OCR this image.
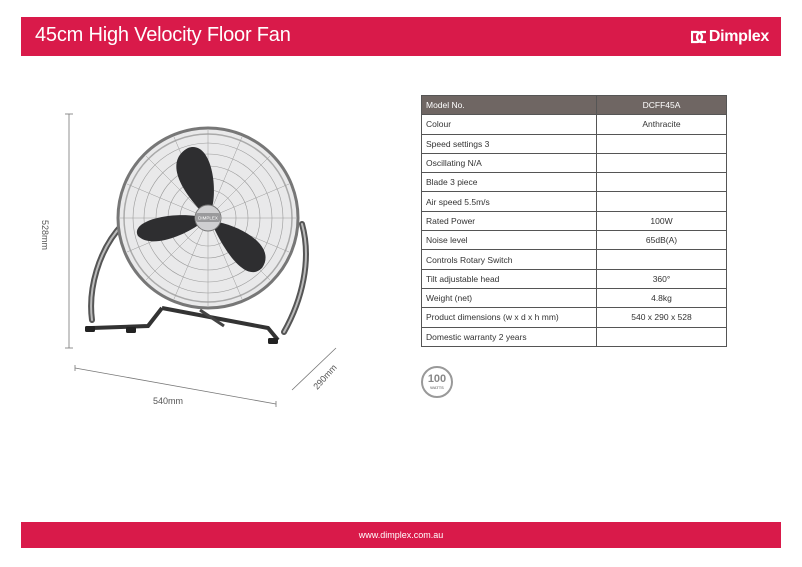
45cm High Velocity Floor Fan	Dimplex
DIMPLEX
528mm
540mm
290mm
Model No.	DCFF45A
Colour	Anthracite
Speed settings 3	
Oscillating N/A	
Blade 3 piece	
Air speed 5.5m/s	
Rated Power	100W
Noise level	65dB(A)
Controls Rotary Switch	
Tilt adjustable head	360°
Weight (net)	4.8kg
Product dimensions (w x d x h mm)	540 x 290 x 528
Domestic warranty 2 years	
100
WATTS
www.dimplex.com.au
